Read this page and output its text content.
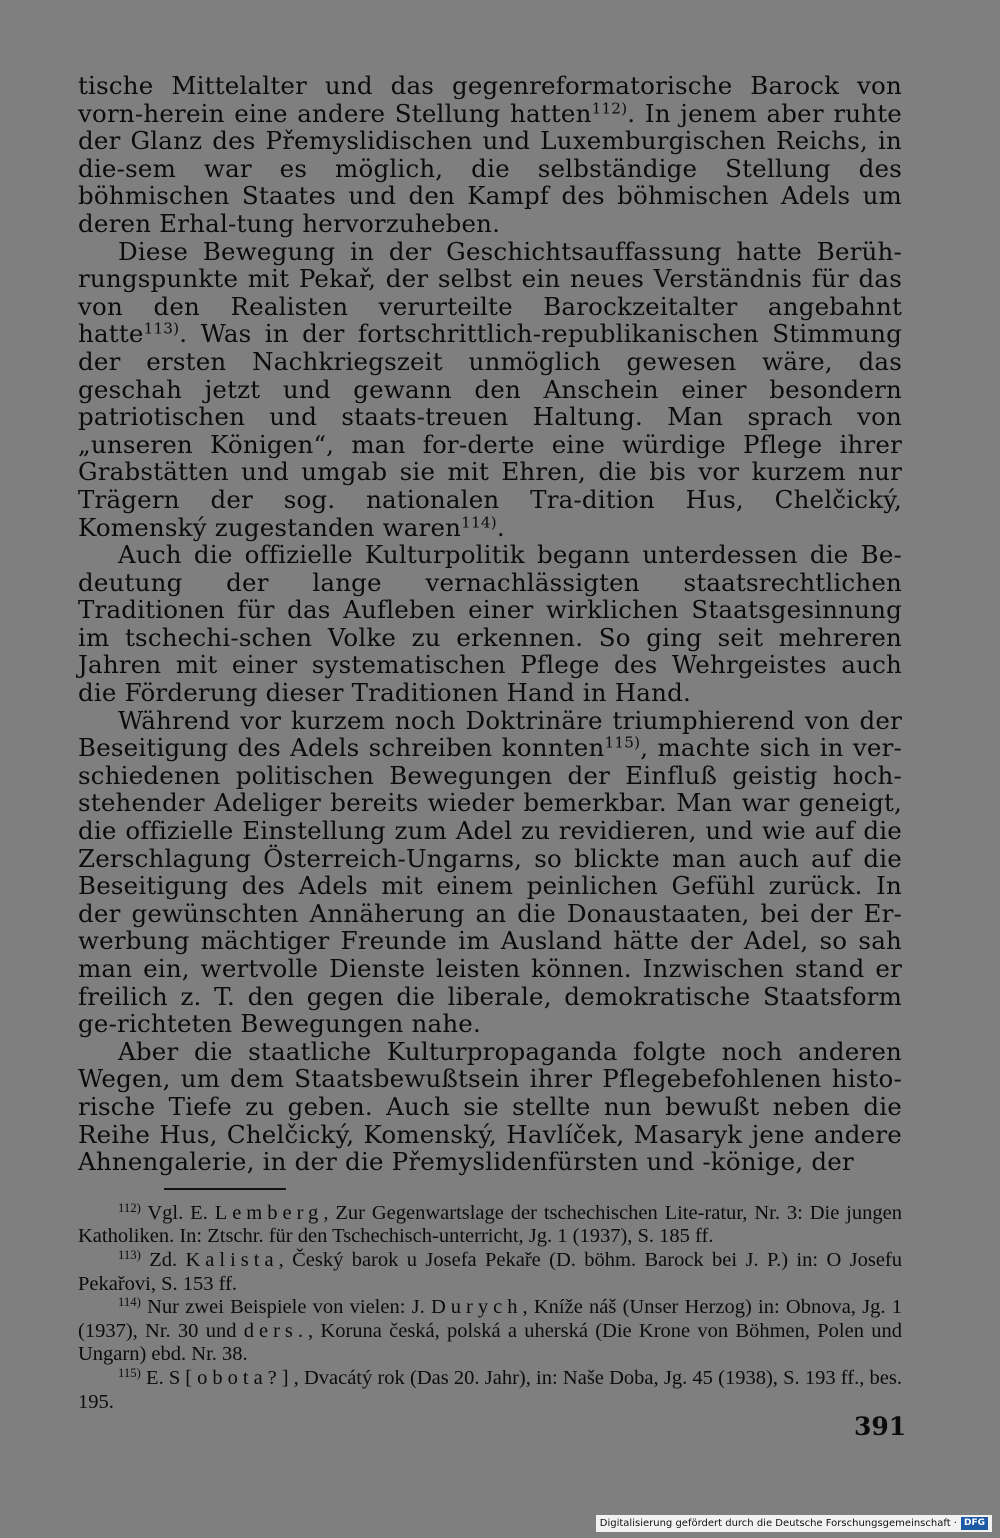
tische Mittelalter und das gegenreformatorische Barock von vorn-herein eine andere Stellung hatten$^{112)}$. In jenem aber ruhte der Glanz des Přemyslidischen und Luxemburgischen Reichs, in die-sem war es möglich, die selbständige Stellung des böhmischen Staates und den Kampf des böhmischen Adels um deren Erhal-tung hervorzuheben.

Diese Bewegung in der Geschichtsauffassung hatte Berüh-rungspunkte mit Pekař, der selbst ein neues Verständnis für das von den Realisten verurteilte Barockzeitalter angebahnt hatte$^{113)}$. Was in der fortschrittlich-republikanischen Stimmung der ersten Nachkriegszeit unmöglich gewesen wäre, das geschah jetzt und gewann den Anschein einer besondern patriotischen und staats-treuen Haltung. Man sprach von „unseren Königen“, man for-derte eine würdige Pflege ihrer Grabstätten und umgab sie mit Ehren, die bis vor kurzem nur Trägern der sog. nationalen Tra-dition Hus, Chelčický, Komenský zugestanden waren$^{114)}$.

Auch die offizielle Kulturpolitik begann unterdessen die Be-deutung der lange vernachlässigten staatsrechtlichen Traditionen für das Aufleben einer wirklichen Staatsgesinnung im tschechi-schen Volke zu erkennen. So ging seit mehreren Jahren mit einer systematischen Pflege des Wehrgeistes auch die Förderung dieser Traditionen Hand in Hand.

Während vor kurzem noch Doktrinäre triumphierend von der Beseitigung des Adels schreiben konnten$^{115)}$, machte sich in ver-schiedenen politischen Bewegungen der Einfluß geistig hoch-stehender Adeliger bereits wieder bemerkbar. Man war geneigt, die offizielle Einstellung zum Adel zu revidieren, und wie auf die Zerschlagung Österreich-Ungarns, so blickte man auch auf die Beseitigung des Adels mit einem peinlichen Gefühl zurück. In der gewünschten Annäherung an die Donaustaaten, bei der Er-werbung mächtiger Freunde im Ausland hätte der Adel, so sah man ein, wertvolle Dienste leisten können. Inzwischen stand er freilich z. T. den gegen die liberale, demokratische Staatsform ge-richteten Bewegungen nahe.

Aber die staatliche Kulturpropaganda folgte noch anderen Wegen, um dem Staatsbewußtsein ihrer Pflegebefohlenen histo-rische Tiefe zu geben. Auch sie stellte nun bewußt neben die Reihe Hus, Chelčický, Komenský, Havlíček, Masaryk jene andere Ahnengalerie, in der die Přemyslidenfürsten und -könige, der

$^{112)}$ Vgl. E. Lemberg, Zur Gegenwartslage der tschechischen Lite-ratur, Nr. 3: Die jungen Katholiken. In: Ztschr. für den Tschechisch-unterricht, Jg. 1 (1937), S. 185 ff.

$^{113)}$ Zd. Kalista, Český barok u Josefa Pekaře (D. böhm. Barock bei J. P.) in: O Josefu Pekařovi, S. 153 ff.

$^{114)}$ Nur zwei Beispiele von vielen: J. Durych, Kníže náš (Unser Herzog) in: Obnova, Jg. 1 (1937), Nr. 30 und ders., Koruna česká, polská a uherská (Die Krone von Böhmen, Polen und Ungarn) ebd. Nr. 38.

$^{115)}$ E. S[obota?], Dvacátý rok (Das 20. Jahr), in: Naše Doba, Jg. 45 (1938), S. 193 ff., bes. 195.

391
Digitalisierung gefördert durch die Deutsche Forschungsgemeinschaft · DFG
